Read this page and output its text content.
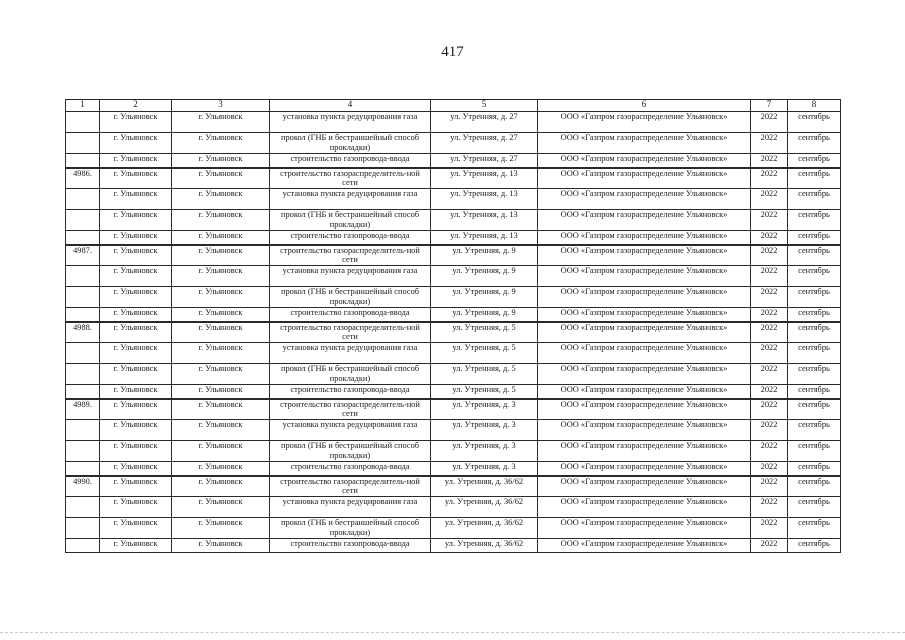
417
1	2	3	4	5	6	7	8
	г. Ульяновск	г. Ульяновск	установка пункта редуцирования газа	ул. Утренняя, д. 27	ООО «Газпром газораспределение Ульяновск»	2022	сентябрь
	г. Ульяновск	г. Ульяновск	прокол (ГНБ и бестраншейный способ прокладки)	ул. Утренняя, д. 27	ООО «Газпром газораспределение Ульяновск»	2022	сентябрь
	г. Ульяновск	г. Ульяновск	строительство газопровода-ввода	ул. Утренняя, д. 27	ООО «Газпром газораспределение Ульяновск»	2022	сентябрь
4986.	г. Ульяновск	г. Ульяновск	строительство газораспределитель-ной сети	ул. Утренняя, д. 13	ООО «Газпром газораспределение Ульяновск»	2022	сентябрь
	г. Ульяновск	г. Ульяновск	установка пункта редуцирования газа	ул. Утренняя, д. 13	ООО «Газпром газораспределение Ульяновск»	2022	сентябрь
	г. Ульяновск	г. Ульяновск	прокол (ГНБ и бестраншейный способ прокладки)	ул. Утренняя, д. 13	ООО «Газпром газораспределение Ульяновск»	2022	сентябрь
	г. Ульяновск	г. Ульяновск	строительство газопровода-ввода	ул. Утренняя, д. 13	ООО «Газпром газораспределение Ульяновск»	2022	сентябрь
4987.	г. Ульяновск	г. Ульяновск	строительство газораспределитель-ной сети	ул. Утренняя, д. 9	ООО «Газпром газораспределение Ульяновск»	2022	сентябрь
	г. Ульяновск	г. Ульяновск	установка пункта редуцирования газа	ул. Утренняя, д. 9	ООО «Газпром газораспределение Ульяновск»	2022	сентябрь
	г. Ульяновск	г. Ульяновск	прокол (ГНБ и бестраншейный способ прокладки)	ул. Утренняя, д. 9	ООО «Газпром газораспределение Ульяновск»	2022	сентябрь
	г. Ульяновск	г. Ульяновск	строительство газопровода-ввода	ул. Утренняя, д. 9	ООО «Газпром газораспределение Ульяновск»	2022	сентябрь
4988.	г. Ульяновск	г. Ульяновск	строительство газораспределитель-ной сети	ул. Утренняя, д. 5	ООО «Газпром газораспределение Ульяновск»	2022	сентябрь
	г. Ульяновск	г. Ульяновск	установка пункта редуцирования газа	ул. Утренняя, д. 5	ООО «Газпром газораспределение Ульяновск»	2022	сентябрь
	г. Ульяновск	г. Ульяновск	прокол (ГНБ и бестраншейный способ прокладки)	ул. Утренняя, д. 5	ООО «Газпром газораспределение Ульяновск»	2022	сентябрь
	г. Ульяновск	г. Ульяновск	строительство газопровода-ввода	ул. Утренняя, д. 5	ООО «Газпром газораспределение Ульяновск»	2022	сентябрь
4989.	г. Ульяновск	г. Ульяновск	строительство газораспределитель-ной сети	ул. Утренняя, д. 3	ООО «Газпром газораспределение Ульяновск»	2022	сентябрь
	г. Ульяновск	г. Ульяновск	установка пункта редуцирования газа	ул. Утренняя, д. 3	ООО «Газпром газораспределение Ульяновск»	2022	сентябрь
	г. Ульяновск	г. Ульяновск	прокол (ГНБ и бестраншейный способ прокладки)	ул. Утренняя, д. 3	ООО «Газпром газораспределение Ульяновск»	2022	сентябрь
	г. Ульяновск	г. Ульяновск	строительство газопровода-ввода	ул. Утренняя, д. 3	ООО «Газпром газораспределение Ульяновск»	2022	сентябрь
4990.	г. Ульяновск	г. Ульяновск	строительство газораспределитель-ной сети	ул. Утренняя, д. 36/62	ООО «Газпром газораспределение Ульяновск»	2022	сентябрь
	г. Ульяновск	г. Ульяновск	установка пункта редуцирования газа	ул. Утренняя, д. 36/62	ООО «Газпром газораспределение Ульяновск»	2022	сентябрь
	г. Ульяновск	г. Ульяновск	прокол (ГНБ и бестраншейный способ прокладки)	ул. Утренняя, д. 36/62	ООО «Газпром газораспределение Ульяновск»	2022	сентябрь
	г. Ульяновск	г. Ульяновск	строительство газопровода-ввода	ул. Утренняя, д. 36/62	ООО «Газпром газораспределение Ульяновск»	2022	сентябрь
